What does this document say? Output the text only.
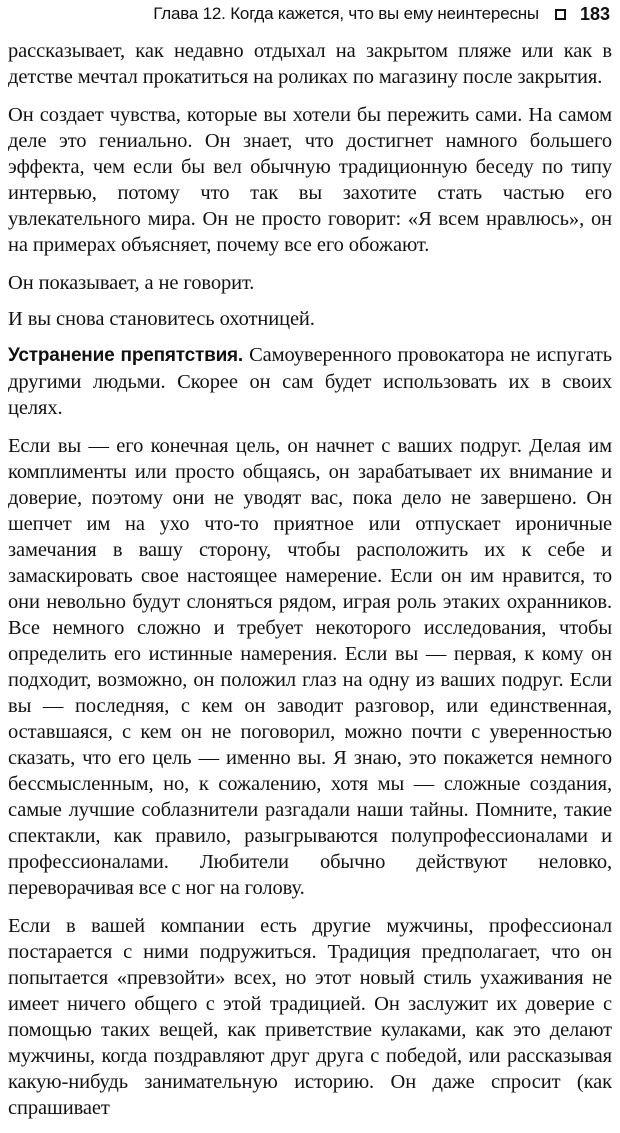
Глава 12. Когда кажется, что вы ему неинтересны 183

рассказывает, как недавно отдыхал на закрытом пляже или как в детстве мечтал прокатиться на роликах по магазину после закрытия.

Он создает чувства, которые вы хотели бы пережить сами. На самом деле это гениально. Он знает, что достигнет намного большего эффекта, чем если бы вел обычную традиционную беседу по типу интервью, потому что так вы захотите стать частью его увлекательного мира. Он не просто говорит: «Я всем нравлюсь», он на примерах объясняет, почему все его обожают.

Он показывает, а не говорит.

И вы снова становитесь охотницей.

Устранение препятствия. Самоуверенного провокатора не испугать другими людьми. Скорее он сам будет использовать их в своих целях.

Если вы — его конечная цель, он начнет с ваших подруг. Делая им комплименты или просто общаясь, он зарабатывает их внимание и доверие, поэтому они не уводят вас, пока дело не завершено. Он шепчет им на ухо что-то приятное или отпускает ироничные замечания в вашу сторону, чтобы расположить их к себе и замаскировать свое настоящее намерение. Если он им нравится, то они невольно будут слоняться рядом, играя роль этаких охранников. Все немного сложно и требует некоторого исследования, чтобы определить его истинные намерения. Если вы — первая, к кому он подходит, возможно, он положил глаз на одну из ваших подруг. Если вы — последняя, с кем он заводит разговор, или единственная, оставшаяся, с кем он не поговорил, можно почти с уверенностью сказать, что его цель — именно вы. Я знаю, это покажется немного бессмысленным, но, к сожалению, хотя мы — сложные создания, самые лучшие соблазнители разгадали наши тайны. Помните, такие спектакли, как правило, разыгрываются полупрофессионалами и профессионалами. Любители обычно действуют неловко, переворачивая все с ног на голову.

Если в вашей компании есть другие мужчины, профессионал постарается с ними подружиться. Традиция предполагает, что он попытается «превзойти» всех, но этот новый стиль ухаживания не имеет ничего общего с этой традицией. Он заслужит их доверие с помощью таких вещей, как приветствие кулаками, как это делают мужчины, когда поздравляют друг друга с победой, или рассказывая какую-нибудь занимательную историю. Он даже спросит (как спрашивает
